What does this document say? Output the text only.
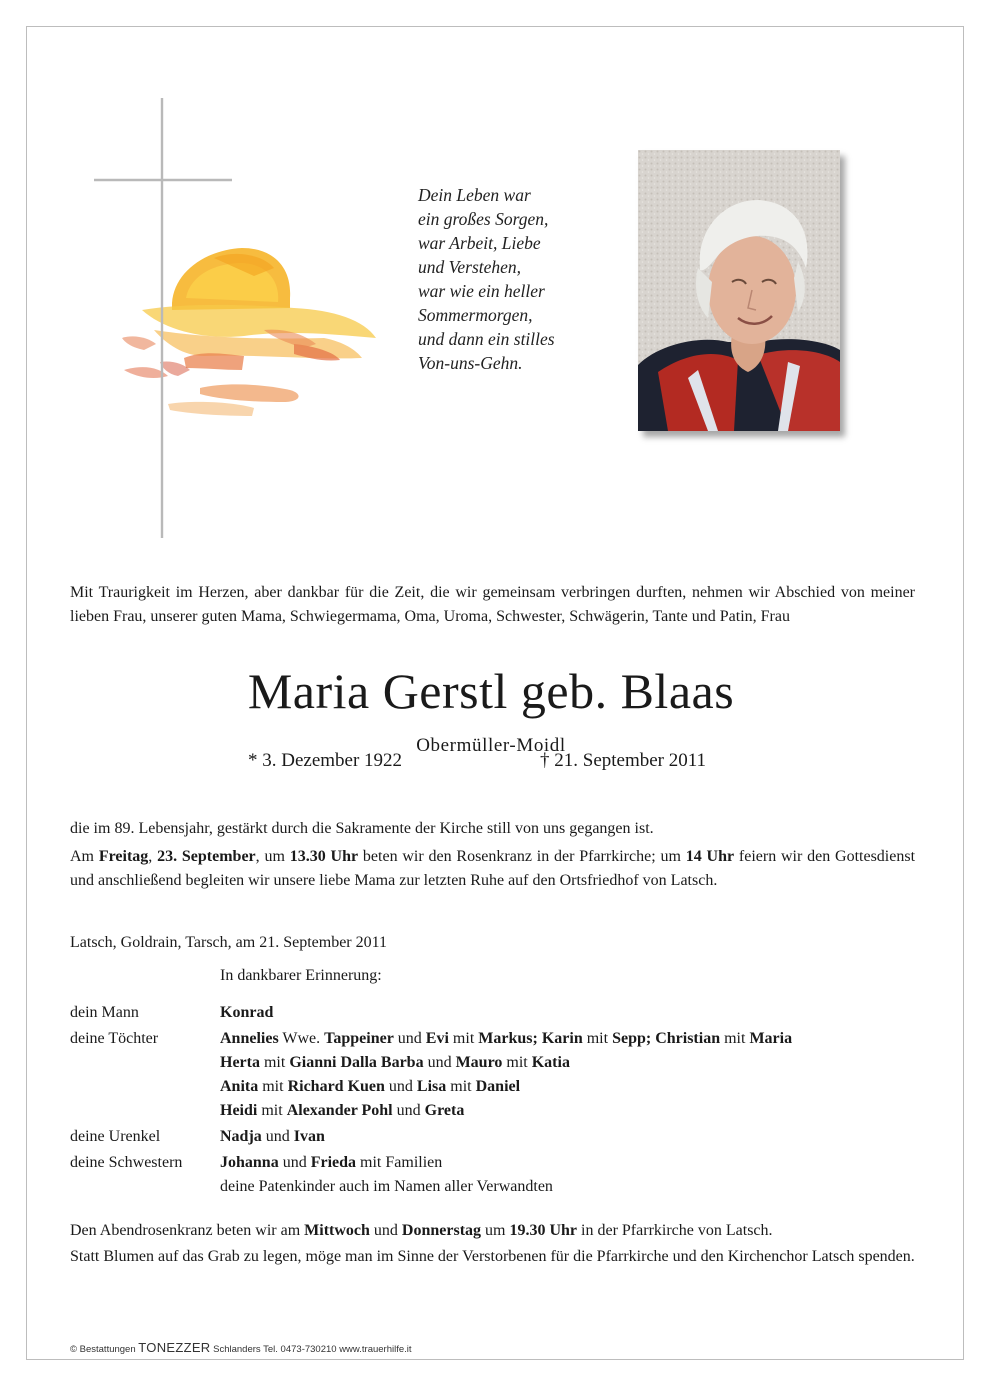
Dein Leben war
ein großes Sorgen,
war Arbeit, Liebe
und Verstehen,
war wie ein heller
Sommermorgen,
und dann ein stilles
Von-uns-Gehn.
Mit Traurigkeit im Herzen, aber dankbar für die Zeit, die wir gemeinsam verbringen durften, nehmen wir Abschied von meiner lieben Frau, unserer guten Mama, Schwiegermama, Oma, Uroma, Schwester, Schwägerin, Tante und Patin, Frau
Maria Gerstl geb. Blaas
Obermüller-Moidl
* 3. Dezember 1922	† 21. September 2011
die im 89. Lebensjahr, gestärkt durch die Sakramente der Kirche still von uns gegangen ist.
Am Freitag, 23. September, um 13.30 Uhr beten wir den Rosenkranz in der Pfarrkirche; um 14 Uhr feiern wir den Gottesdienst und anschließend begleiten wir unsere liebe Mama zur letzten Ruhe auf den Ortsfriedhof von Latsch.
Latsch, Goldrain, Tarsch, am 21. September 2011
In dankbarer Erinnerung:
dein Mann	Konrad
deine Töchter	Annelies Wwe. Tappeiner und Evi mit Markus; Karin mit Sepp; Christian mit Maria
Herta mit Gianni Dalla Barba und Mauro mit Katia
Anita mit Richard Kuen und Lisa mit Daniel
Heidi mit Alexander Pohl und Greta
deine Urenkel	Nadja und Ivan
deine Schwestern	Johanna und Frieda mit Familien
deine Patenkinder auch im Namen aller Verwandten
Den Abendrosenkranz beten wir am Mittwoch und Donnerstag um 19.30 Uhr in der Pfarrkirche von Latsch.
Statt Blumen auf das Grab zu legen, möge man im Sinne der Verstorbenen für die Pfarrkirche und den Kirchenchor Latsch spenden.
© Bestattungen TONEZZER Schlanders Tel. 0473-730210 www.trauerhilfe.it
